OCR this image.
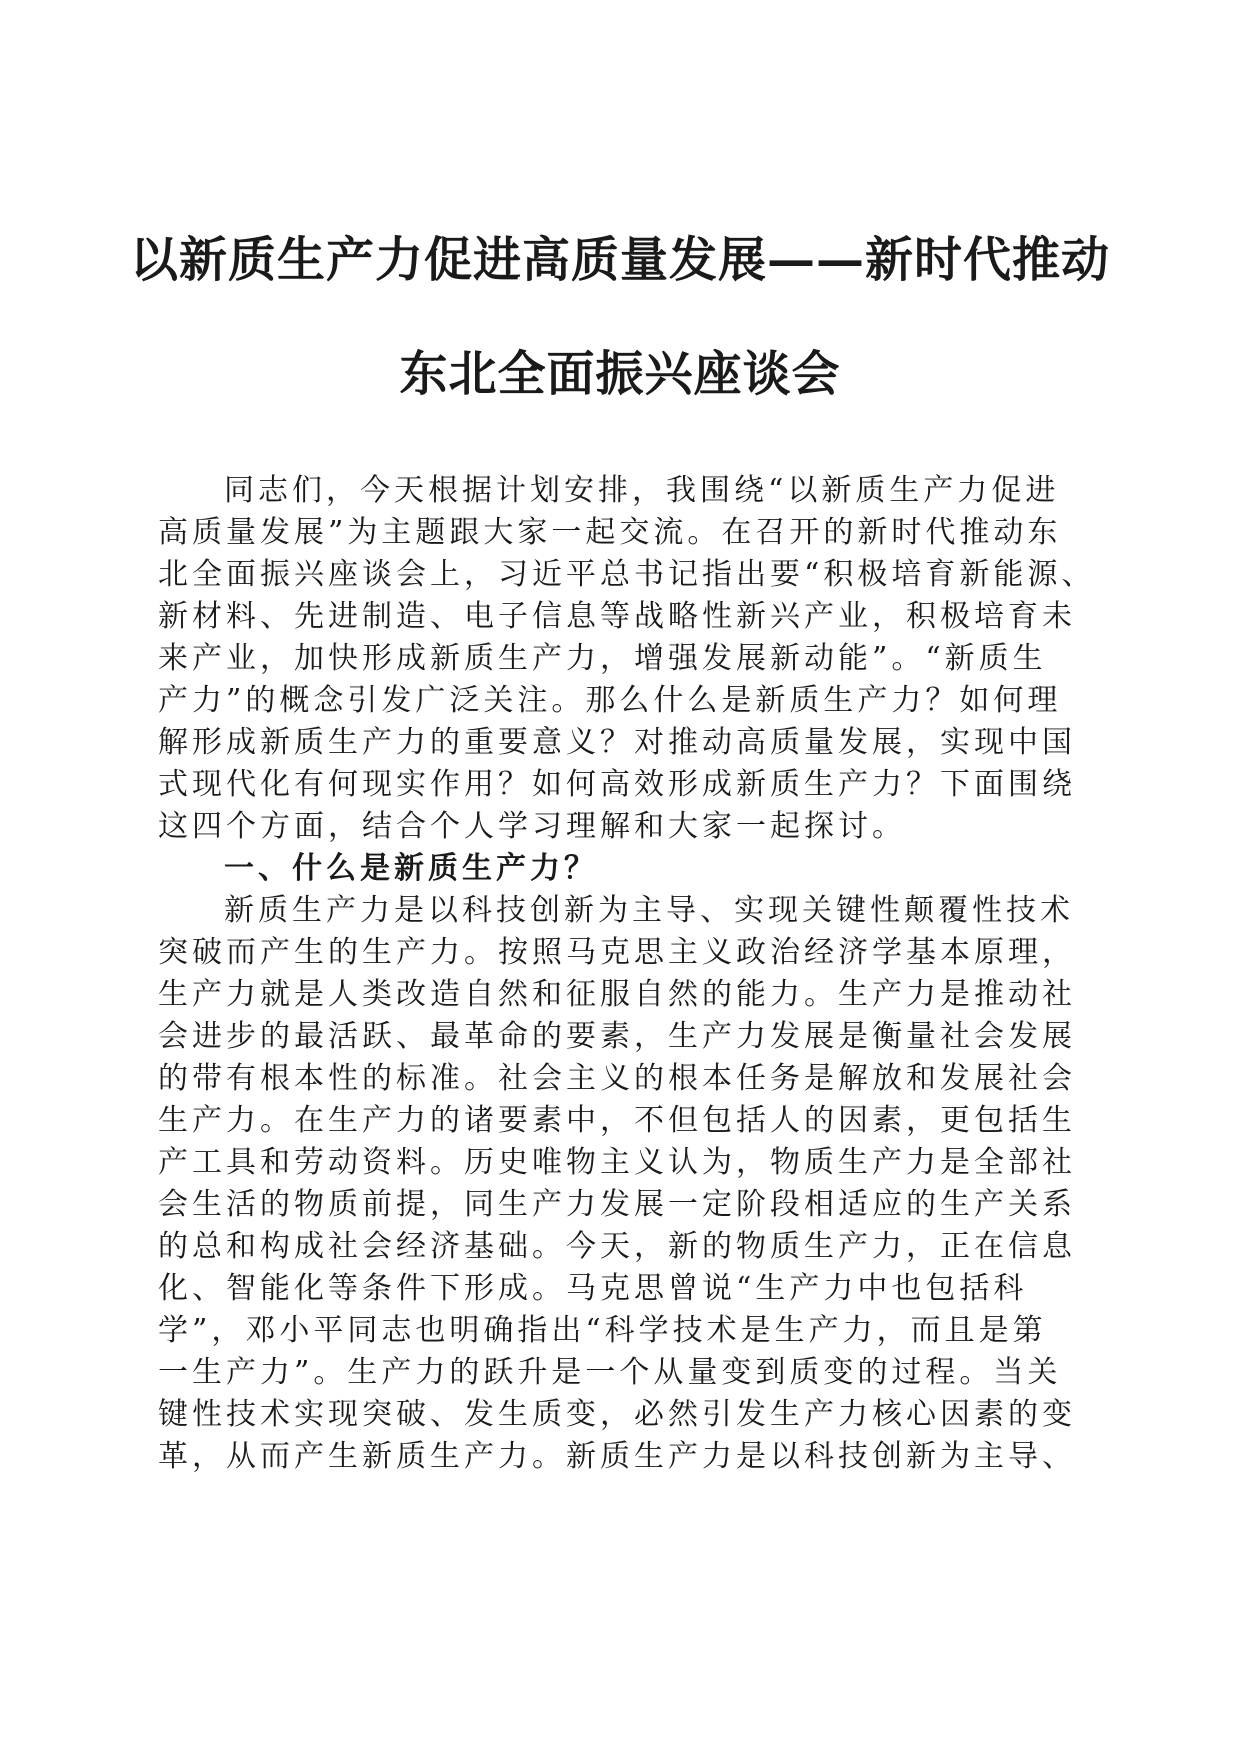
以新质生产力促进高质量发展——新时代推动
东北全面振兴座谈会
同志们，今天根据计划安排，我围绕“以新质生产力促进
高质量发展”为主题跟大家一起交流。在召开的新时代推动东
北全面振兴座谈会上，习近平总书记指出要“积极培育新能源、
新材料、先进制造、电子信息等战略性新兴产业，积极培育未
来产业，加快形成新质生产力，增强发展新动能”。“新质生
产力”的概念引发广泛关注。那么什么是新质生产力？如何理
解形成新质生产力的重要意义？对推动高质量发展，实现中国
式现代化有何现实作用？如何高效形成新质生产力？下面围绕
这四个方面，结合个人学习理解和大家一起探讨。
一、什么是新质生产力？
新质生产力是以科技创新为主导、实现关键性颠覆性技术
突破而产生的生产力。按照马克思主义政治经济学基本原理，
生产力就是人类改造自然和征服自然的能力。生产力是推动社
会进步的最活跃、最革命的要素，生产力发展是衡量社会发展
的带有根本性的标准。社会主义的根本任务是解放和发展社会
生产力。在生产力的诸要素中，不但包括人的因素，更包括生
产工具和劳动资料。历史唯物主义认为，物质生产力是全部社
会生活的物质前提，同生产力发展一定阶段相适应的生产关系
的总和构成社会经济基础。今天，新的物质生产力，正在信息
化、智能化等条件下形成。马克思曾说“生产力中也包括科
学”，邓小平同志也明确指出“科学技术是生产力，而且是第
一生产力”。生产力的跃升是一个从量变到质变的过程。当关
键性技术实现突破、发生质变，必然引发生产力核心因素的变
革，从而产生新质生产力。新质生产力是以科技创新为主导、
